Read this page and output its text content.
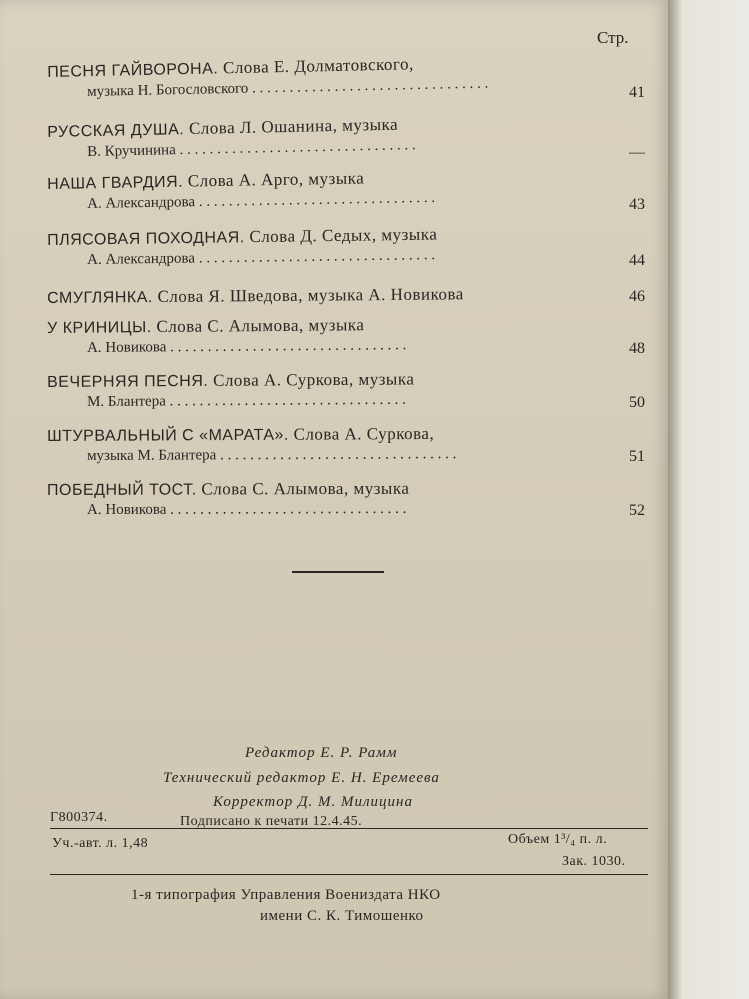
Стр.
ПЕСНЯ ГАЙВОРОНА. Слова Е. Долматовского,
музыка Н. Богословского . . .	41
РУССКАЯ ДУША. Слова Л. Ошанина, музыка
В. Кручинина . . .	—
НАША ГВАРДИЯ. Слова А. Арго, музыка
А. Александрова . . .	43
ПЛЯСОВАЯ ПОХОДНАЯ. Слова Д. Седых, музыка
А. Александрова . . .	44
СМУГЛЯНКА. Слова Я. Шведова, музыка А. Новикова	46
У КРИНИЦЫ. Слова С. Алымова, музыка
А. Новикова . . .	48
ВЕЧЕРНЯЯ ПЕСНЯ. Слова А. Суркова, музыка
М. Блантера . . .	50
ШТУРВАЛЬНЫЙ С «МАРАТА». Слова А. Суркова,
музыка М. Блантера . . .	51
ПОБЕДНЫЙ ТОСТ. Слова С. Алымова, музыка
А. Новикова . . .	52
Редактор Е. Р. Рамм
Технический редактор Е. Н. Еремеева
Корректор Д. М. Милицина
Г800374.	Подписано к печати 12.4.45.
Уч.-авт. л. 1,48	Объем 1³/₄ п. л.
Зак. 1030.
1-я типография Управления Воениздата НКО
имени С. К. Тимошенко
